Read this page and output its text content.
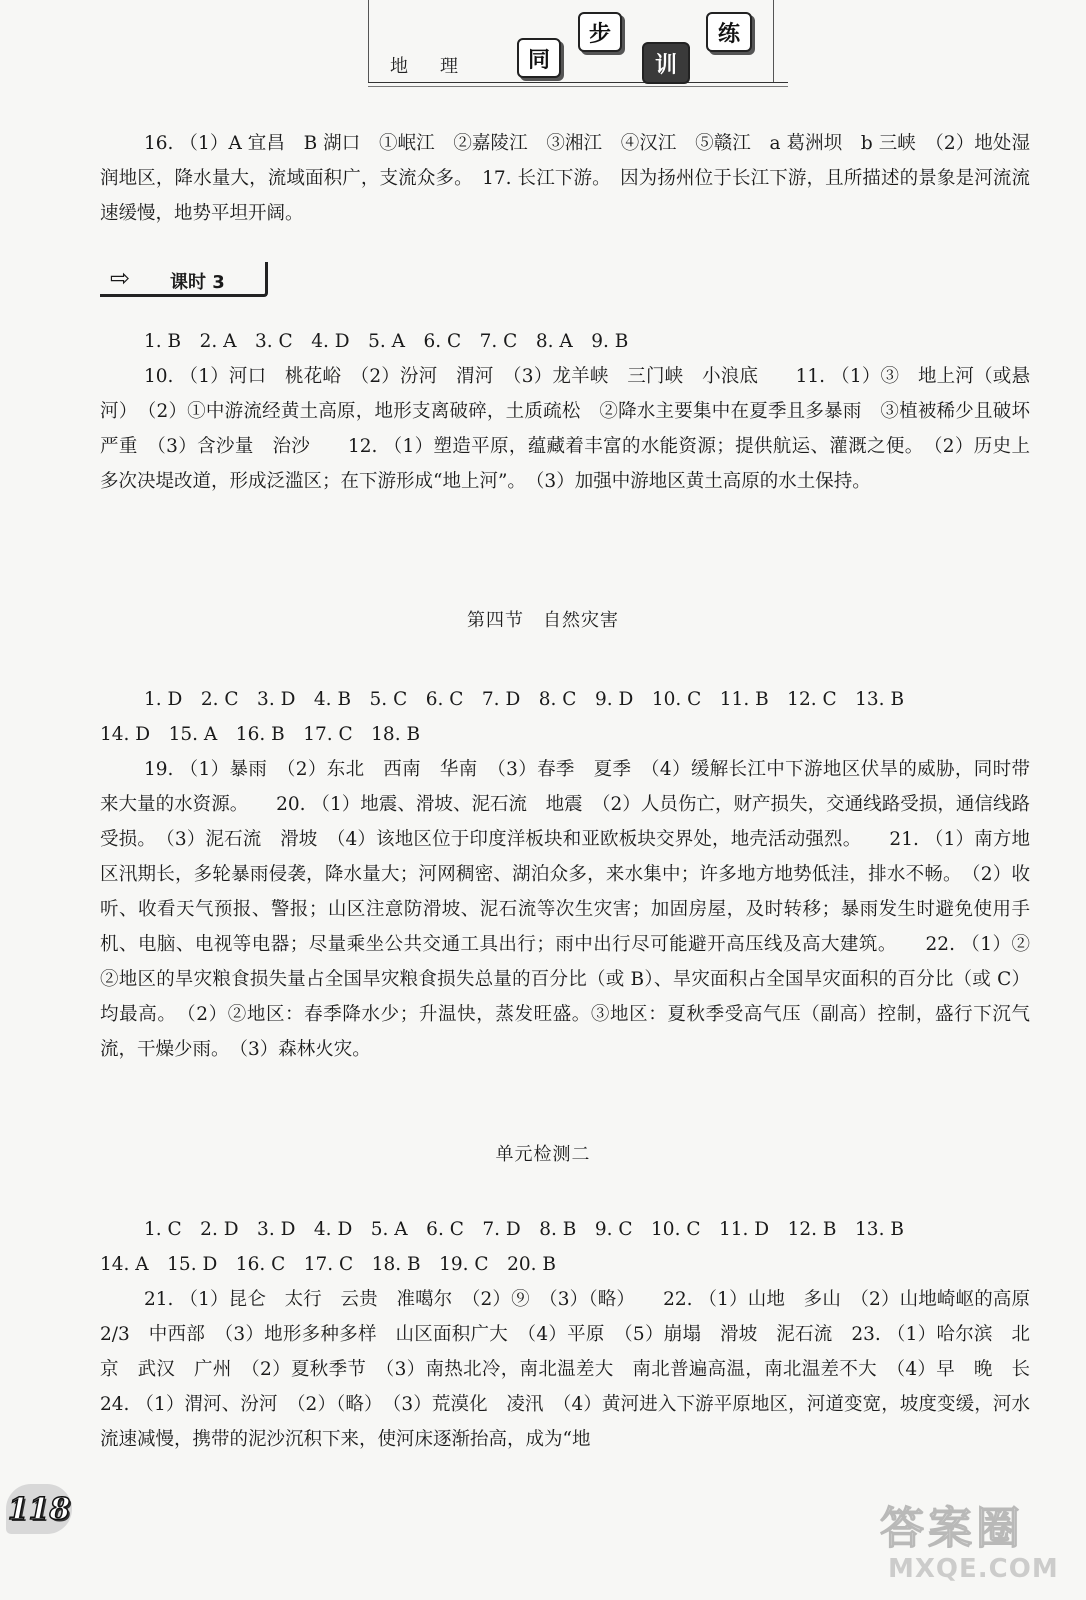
地理	同
步
训
练

16. （1）A 宜昌　B 湖口　①岷江　②嘉陵江　③湘江　④汉江　⑤赣江　a 葛洲坝　b 三峡　（2）地处湿润地区，降水量大，流域面积广，支流众多。　17. 长江下游。　因为扬州位于长江下游，且所描述的景象是河流流速缓慢，地势平坦开阔。

⇨ 课时 3

1. B　2. A　3. C　4. D　5. A　6. C　7. C　8. A　9. B

10. （1）河口　桃花峪　（2）汾河　渭河　（3）龙羊峡　三门峡　小浪底　　11. （1）③　地上河（或悬河）　（2）①中游流经黄土高原，地形支离破碎，土质疏松　②降水主要集中在夏季且多暴雨　③植被稀少且破坏严重　（3）含沙量　治沙　　12. （1）塑造平原，蕴藏着丰富的水能资源；提供航运、灌溉之便。　（2）历史上多次决堤改道，形成泛滥区；在下游形成“地上河”。　（3）加强中游地区黄土高原的水土保持。

第四节　自然灾害

1. D　2. C　3. D　4. B　5. C　6. C　7. D　8. C　9. D　10. C　11. B　12. C　13. B

14. D　15. A　16. B　17. C　18. B

19. （1）暴雨　（2）东北　西南　华南　（3）春季　夏季　（4）缓解长江中下游地区伏旱的威胁，同时带来大量的水资源。　　20. （1）地震、滑坡、泥石流　地震　（2）人员伤亡，财产损失，交通线路受损，通信线路受损。　（3）泥石流　滑坡　（4）该地区位于印度洋板块和亚欧板块交界处，地壳活动强烈。　　21. （1）南方地区汛期长，多轮暴雨侵袭，降水量大；河网稠密、湖泊众多，来水集中；许多地方地势低洼，排水不畅。　（2）收听、收看天气预报、警报；山区注意防滑坡、泥石流等次生灾害；加固房屋，及时转移；暴雨发生时避免使用手机、电脑、电视等电器；尽量乘坐公共交通工具出行；雨中出行尽可能避开高压线及高大建筑。　　22. （1）②　②地区的旱灾粮食损失量占全国旱灾粮食损失总量的百分比（或 B）、旱灾面积占全国旱灾面积的百分比（或 C）均最高。　（2）②地区：春季降水少；升温快，蒸发旺盛。③地区：夏秋季受高气压（副高）控制，盛行下沉气流，干燥少雨。　（3）森林火灾。

单元检测二

1. C　2. D　3. D　4. D　5. A　6. C　7. D　8. B　9. C　10. C　11. D　12. B　13. B

14. A　15. D　16. C　17. C　18. B　19. C　20. B

21. （1）昆仑　太行　云贵　准噶尔　（2）⑨　（3）（略）　　22. （1）山地　多山　（2）山地崎岖的高原　2/3　中西部　（3）地形多种多样　山区面积广大　（4）平原　（5）崩塌　滑坡　泥石流　23. （1）哈尔滨　北京　武汉　广州　（2）夏秋季节　（3）南热北冷，南北温差大　南北普遍高温，南北温差不大　（4）早　晚　长　　24. （1）渭河、汾河　（2）（略）　（3）荒漠化　凌汛　（4）黄河进入下游平原地区，河道变宽，坡度变缓，河水流速减慢，携带的泥沙沉积下来，使河床逐渐抬高，成为“地

118	答案圈
MXQE.COM
